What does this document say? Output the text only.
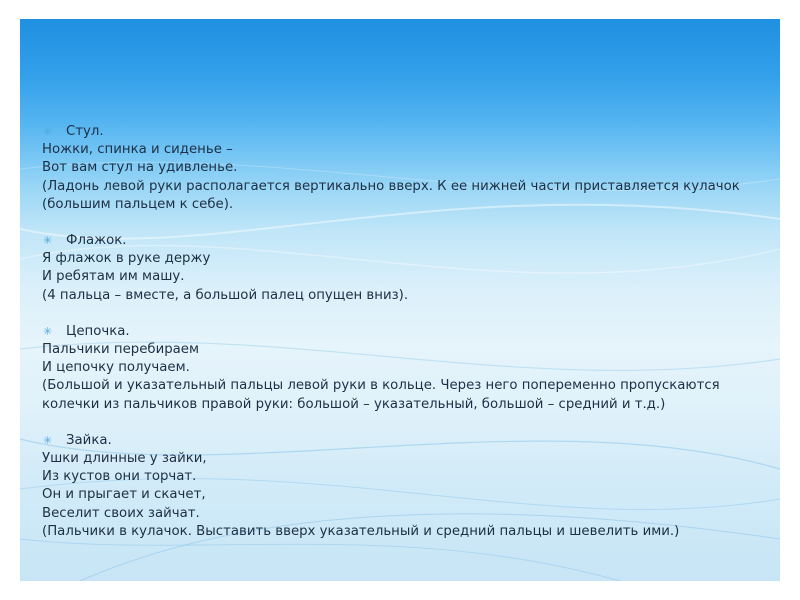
✳ Стул.
Ножки, спинка и сиденье –
Вот вам стул на удивленье.
(Ладонь левой руки располагается вертикально вверх. К ее нижней части приставляется кулачок (большим пальцем к себе).
✳ Флажок.
Я флажок в руке держу
И ребятам им машу.
(4 пальца – вместе, а большой палец опущен вниз).
✳ Цепочка.
Пальчики перебираем
И цепочку получаем.
(Большой и указательный пальцы левой руки в кольце. Через него попеременно пропускаются колечки из пальчиков правой руки: большой – указательный, большой – средний и т.д.)
✳ Зайка.
Ушки длинные у зайки,
Из кустов они торчат.
Он и прыгает и скачет,
Веселит своих зайчат.
(Пальчики в кулачок. Выставить вверх указательный и средний пальцы и шевелить ими.)
